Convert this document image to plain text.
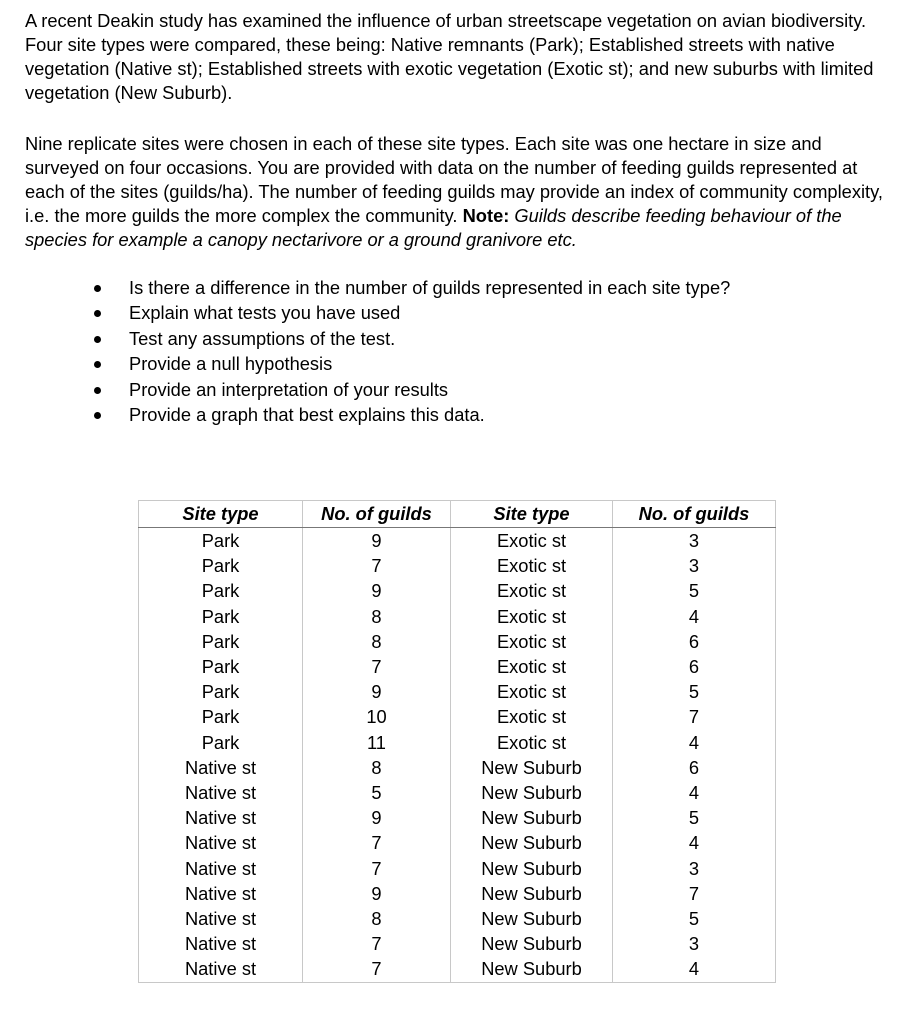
A recent Deakin study has examined the influence of urban streetscape vegetation on avian biodiversity. Four site types were compared, these being: Native remnants (Park); Established streets with native vegetation (Native st); Established streets with exotic vegetation (Exotic st); and new suburbs with limited vegetation (New Suburb).

Nine replicate sites were chosen in each of these site types. Each site was one hectare in size and surveyed on four occasions. You are provided with data on the number of feeding guilds represented at each of the sites (guilds/ha). The number of feeding guilds may provide an index of community complexity, i.e. the more guilds the more complex the community. Note: Guilds describe feeding behaviour of the species for example a canopy nectarivore or a ground granivore etc.

Is there a difference in the number of guilds represented in each site type?
Explain what tests you have used
Test any assumptions of the test.
Provide a null hypothesis
Provide an interpretation of your results
Provide a graph that best explains this data.
Site type	No. of guilds	Site type	No. of guilds
Park	9	Exotic st	3
Park	7	Exotic st	3
Park	9	Exotic st	5
Park	8	Exotic st	4
Park	8	Exotic st	6
Park	7	Exotic st	6
Park	9	Exotic st	5
Park	10	Exotic st	7
Park	11	Exotic st	4
Native st	8	New Suburb	6
Native st	5	New Suburb	4
Native st	9	New Suburb	5
Native st	7	New Suburb	4
Native st	7	New Suburb	3
Native st	9	New Suburb	7
Native st	8	New Suburb	5
Native st	7	New Suburb	3
Native st	7	New Suburb	4
